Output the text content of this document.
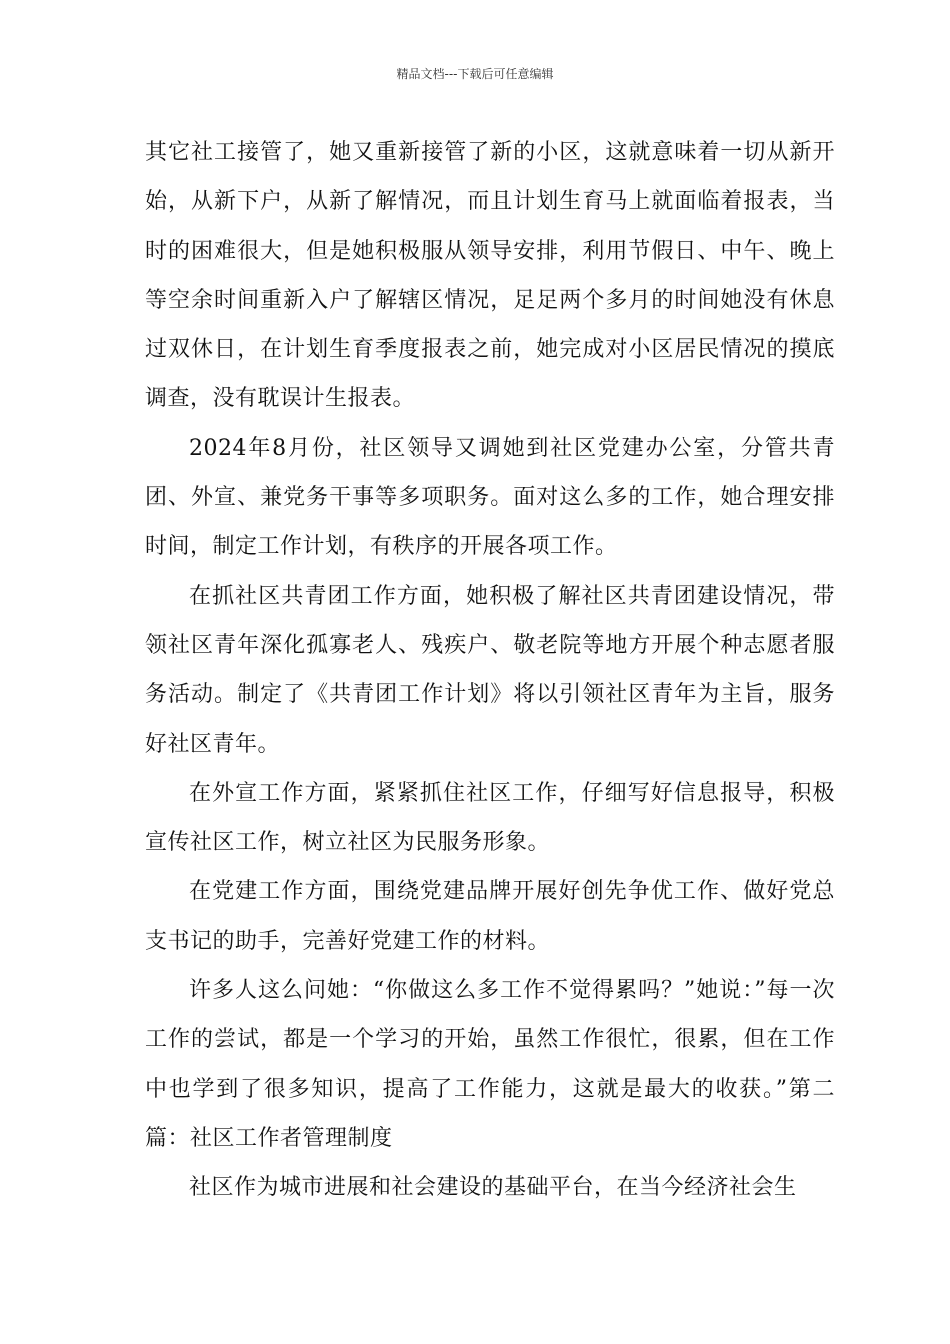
精品文档---下载后可任意编辑

其它社工接管了，她又重新接管了新的小区，这就意味着一切从新开始，从新下户，从新了解情况，而且计划生育马上就面临着报表，当时的困难很大，但是她积极服从领导安排，利用节假日、中午、晚上等空余时间重新入户了解辖区情况，足足两个多月的时间她没有休息过双休日，在计划生育季度报表之前，她完成对小区居民情况的摸底调查，没有耽误计生报表。

2024年8月份，社区领导又调她到社区党建办公室，分管共青团、外宣、兼党务干事等多项职务。面对这么多的工作，她合理安排时间，制定工作计划，有秩序的开展各项工作。

在抓社区共青团工作方面，她积极了解社区共青团建设情况，带领社区青年深化孤寡老人、残疾户、敬老院等地方开展个种志愿者服务活动。制定了《共青团工作计划》将以引领社区青年为主旨，服务好社区青年。

在外宣工作方面，紧紧抓住社区工作，仔细写好信息报导，积极宣传社区工作，树立社区为民服务形象。

在党建工作方面，围绕党建品牌开展好创先争优工作、做好党总支书记的助手，完善好党建工作的材料。

许多人这么问她：“你做这么多工作不觉得累吗？”她说：”每一次工作的尝试，都是一个学习的开始，虽然工作很忙，很累，但在工作中也学到了很多知识，提高了工作能力，这就是最大的收获。”第二篇：社区工作者管理制度

社区作为城市进展和社会建设的基础平台，在当今经济社会生
